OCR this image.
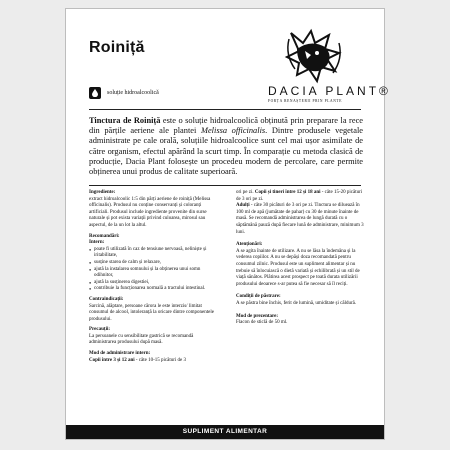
Roiniță
soluție hidroalcoolică	DACIA PLANT®
FORȚA RENAȘTERII PRIN PLANTE
Tinctura de Roiniță este o soluție hidroalcoolică obținută prin preparare la rece din părțile aeriene ale plantei Melissa officinalis. Dintre produsele vegetale administrate pe cale orală, soluțiile hidroalcoolice sunt cel mai ușor asimilate de către organism, efectul apărând la scurt timp. În comparație cu metoda clasică de producție, Dacia Plant folosește un procedeu modern de percolare, care permite obținerea unui produs de calitate superioară.

Ingrediente:

extract hidroalcoolic 1:5 din părți aeriene de roiniță (Melissa officinalis). Produsul nu conține conservanți și coloranți artificiali. Produsul include ingrediente provenite din surse naturale și pot exista variații privind culoarea, mirosul sau aspectul, de la un lot la altul.

Recomandări:

Intern:

● poate fi utilizată în caz de tensiune nervoasă, neliniște și iritabilitate,
● susține starea de calm și relaxare,
● ajută la instalarea somnului și la obținerea unui somn odihnitor,
● ajută la susținerea digestiei,
● contribuie la funcționarea normală a tractului intestinal.

Contraindicații:

Sarcină, alăptare, persoane cărora le este interzis/ limitat consumul de alcool, intoleranță la oricare dintre componentele produsului.

Precauții:

La persoanele cu sensibilitate gastrică se recomandă administrarea produsului după masă.

Mod de administrare intern:

Copii între 3 și 12 ani - câte 10-15 picături de 3

ori pe zi. Copii și tineri între 12 și 18 ani - câte 15-20 picături de 3 ori pe zi.

Adulți - câte 30 picături de 3 ori pe zi. Tinctura se diluează în 100 ml de apă (jumătate de pahar) cu 30 de minute înainte de masă. Se recomandă administrarea de lungă durată cu o săptămână pauză după fiecare lună de administrare, minimum 3 luni.

Atenționări:

A se agita înainte de utilizare. A nu se lăsa la îndemâna și la vederea copiilor. A nu se depăși doza recomandată pentru consumul zilnic. Produsul este un supliment alimentar și nu trebuie să înlocuiască o dietă variată și echilibrată și un stil de viață sănătos. Plătirea acest prospect pe toată durata utilizării produsului deoarece s-ar putea să fie necesar să îl reciți.

Condiții de păstrare:

A se păstra bine închis, ferit de lumină, umiditate și căldură.

Mod de prezentare:

Flacon de sticlă de 50 ml.

SUPLIMENT ALIMENTAR
